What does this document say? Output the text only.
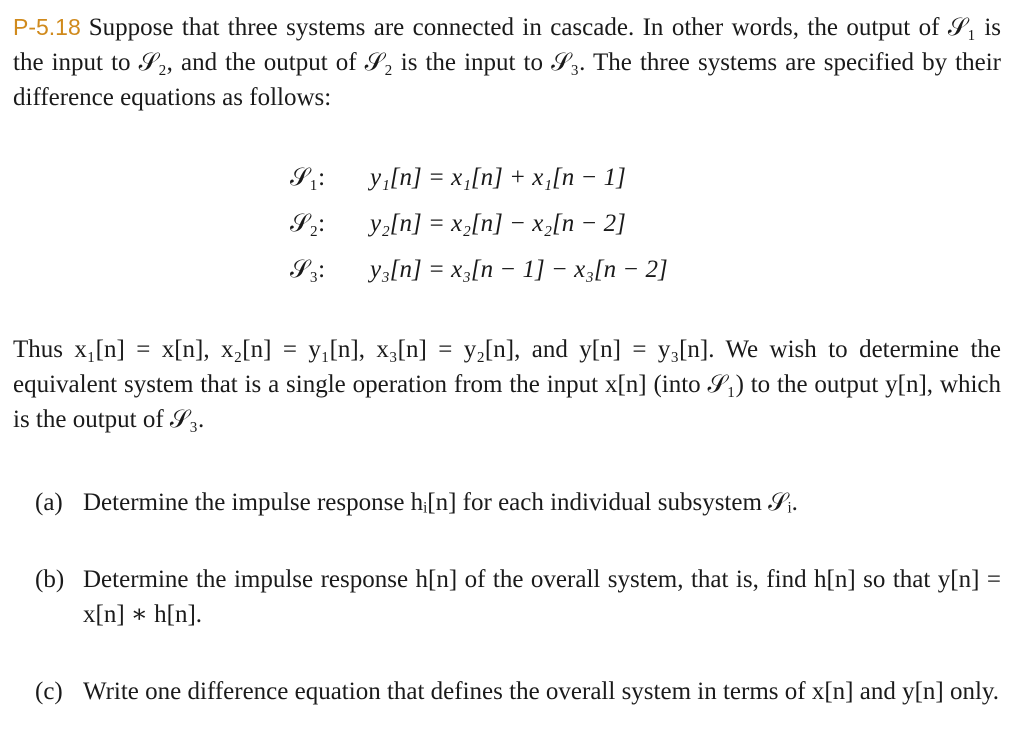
P-5.18 Suppose that three systems are connected in cascade. In other words, the output of 𝒮₁ is the input to 𝒮₂, and the output of 𝒮₂ is the input to 𝒮₃. The three systems are specified by their difference equations as follows:

𝒮₁: y₁[n] = x₁[n] + x₁[n − 1]
𝒮₂: y₂[n] = x₂[n] − x₂[n − 2]
𝒮₃: y₃[n] = x₃[n − 1] − x₃[n − 2]

Thus x₁[n] = x[n], x₂[n] = y₁[n], x₃[n] = y₂[n], and y[n] = y₃[n]. We wish to determine the equivalent system that is a single operation from the input x[n] (into 𝒮₁) to the output y[n], which is the output of 𝒮₃.

(a) Determine the impulse response hᵢ[n] for each individual subsystem 𝒮ᵢ.
(b) Determine the impulse response h[n] of the overall system, that is, find h[n] so that y[n] = x[n] ∗ h[n].
(c) Write one difference equation that defines the overall system in terms of x[n] and y[n] only.
